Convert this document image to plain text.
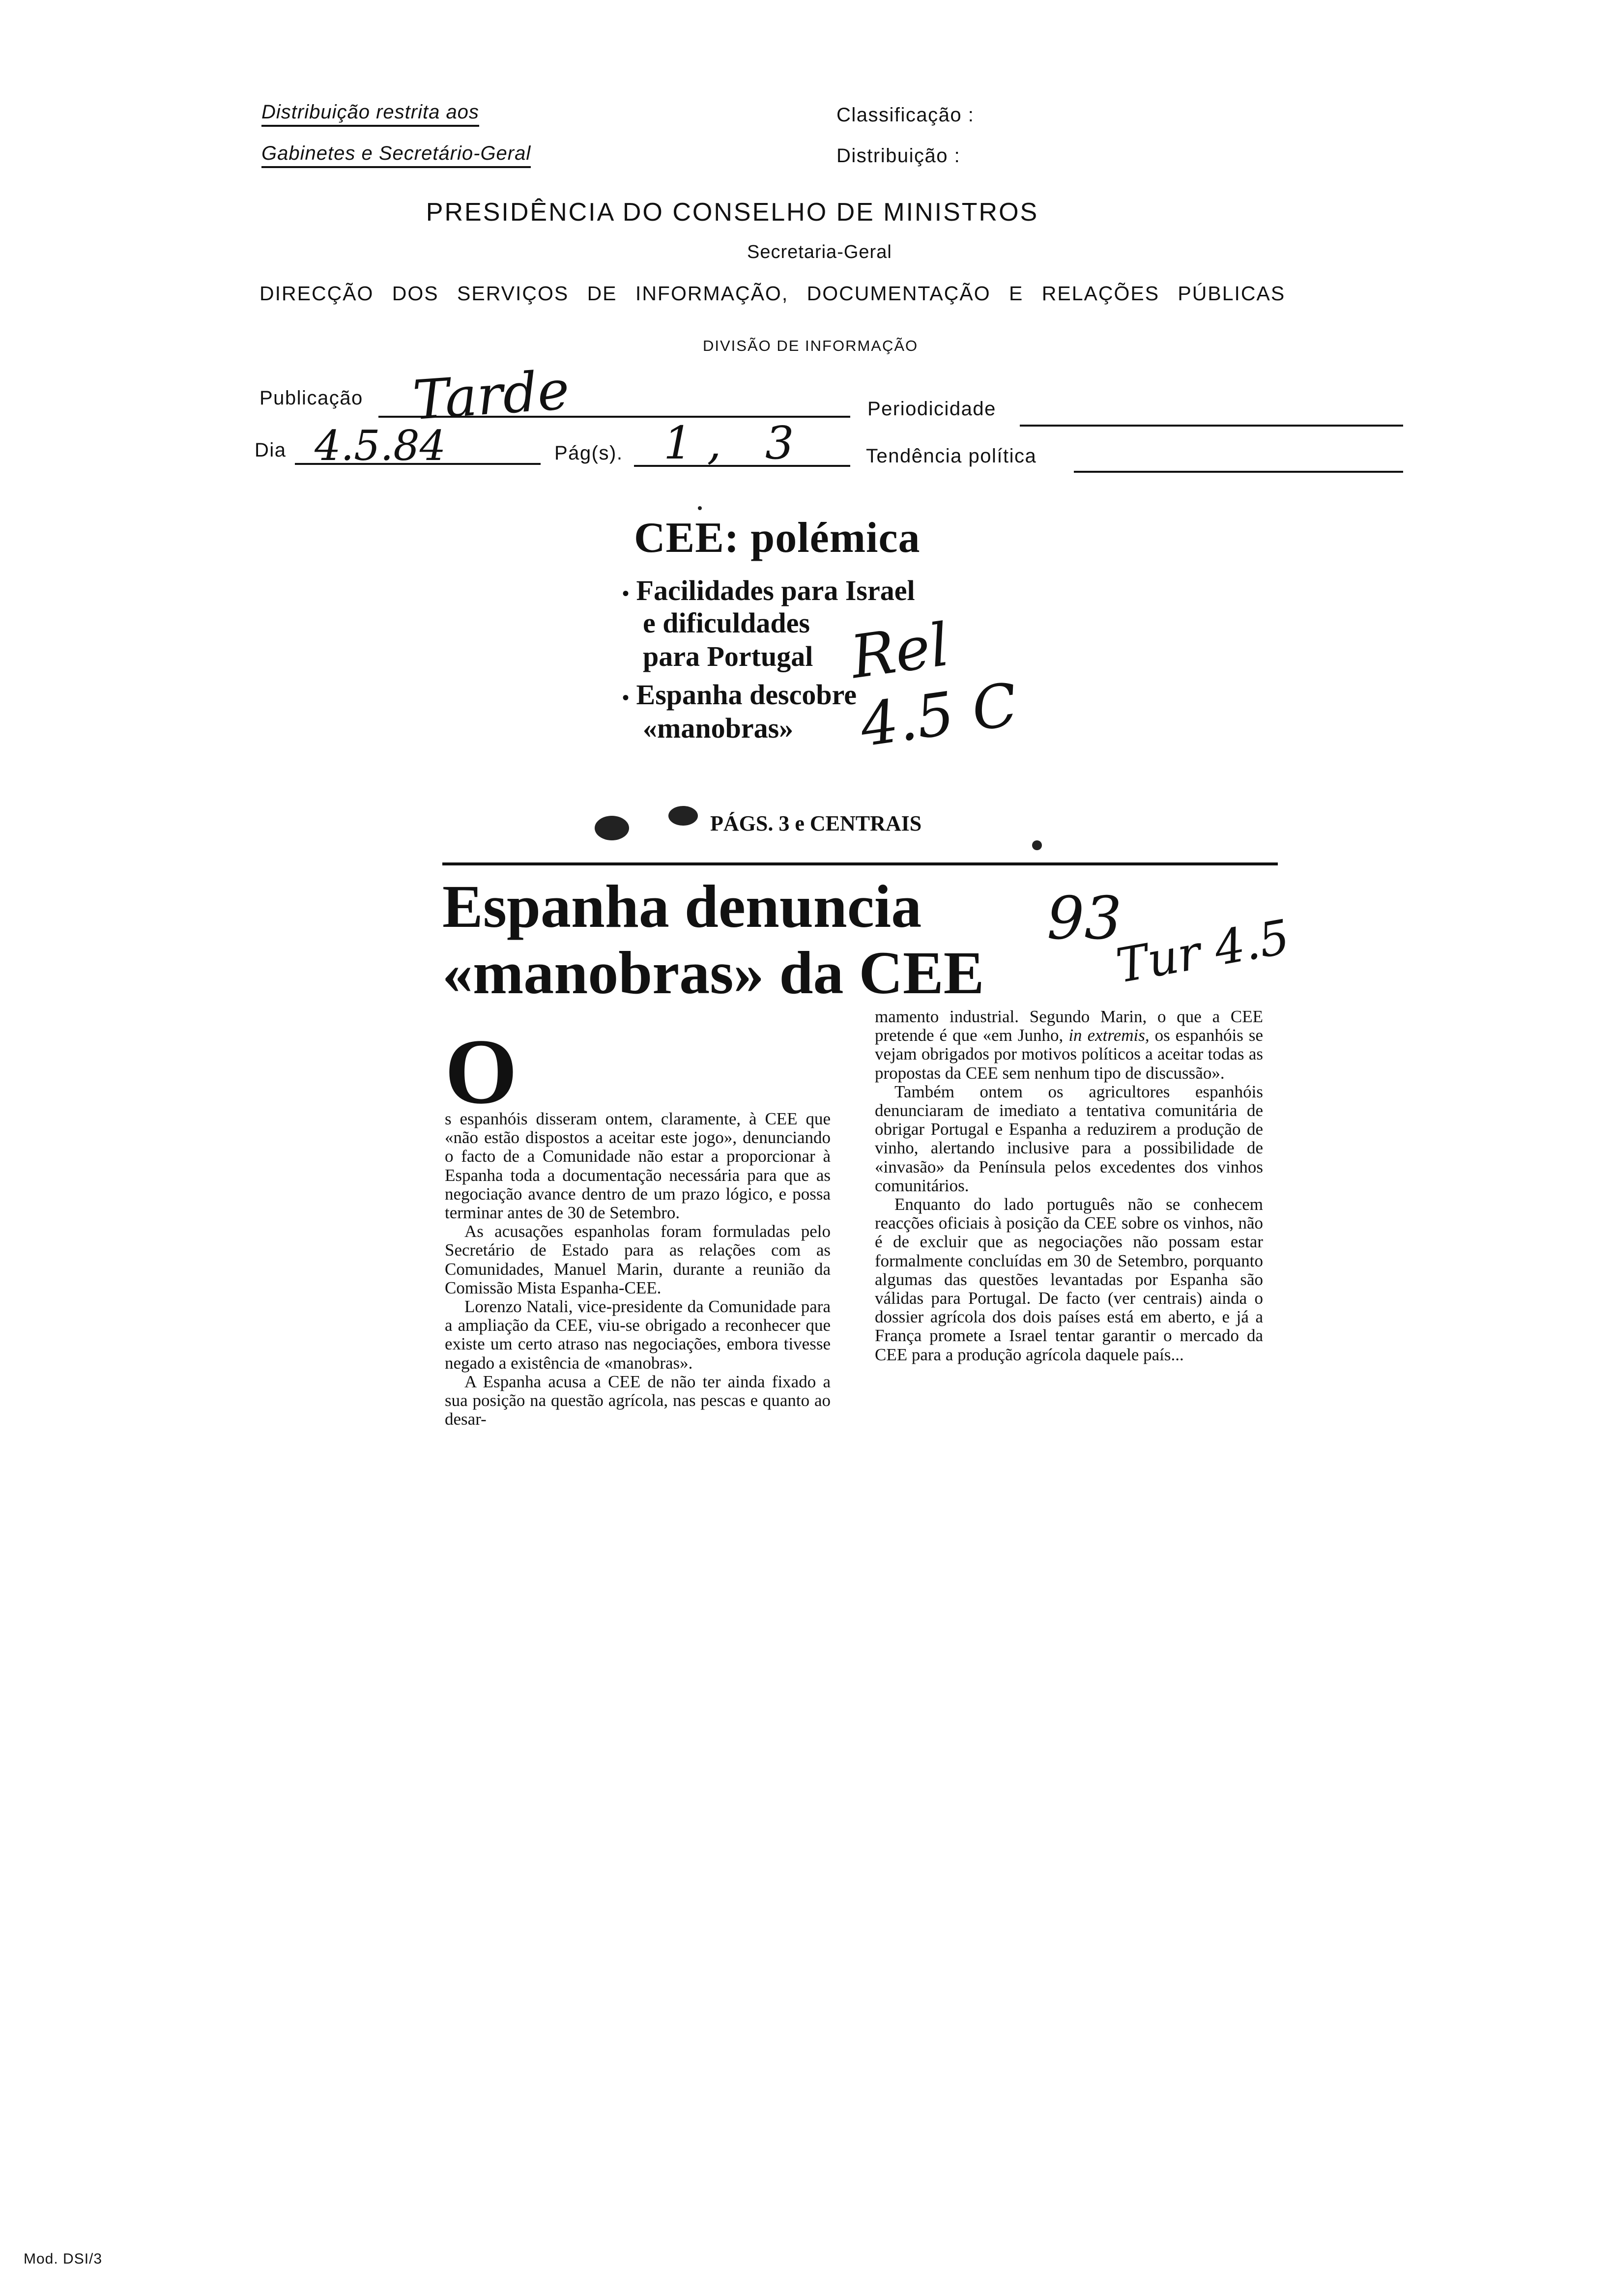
Distribuição restrita aos
Gabinetes e Secretário-Geral
Classificação :
Distribuição :
PRESIDÊNCIA DO CONSELHO DE MINISTROS
Secretaria-Geral
DIRECÇÃO DOS SERVIÇOS DE INFORMAÇÃO, DOCUMENTAÇÃO E RELAÇÕES PÚBLICAS
DIVISÃO DE INFORMAÇÃO
Publicação Tarde	Periodicidade
Dia 4.5.84	Pág(s). 1, 3	Tendência política
CEE: polémica
• Facilidades para Israel
e dificuldades
para Portugal
• Espanha descobre
«manobras»
PÁGS. 3 e CENTRAIS
Rel 4.5 C
Espanha denuncia
«manobras» da CEE
93
Tur 4.5
O

s espanhóis disseram ontem, claramente, à CEE que «não estão dispostos a aceitar este jogo», denunciando o facto de a Comunidade não estar a proporcionar à Espanha toda a documentação necessária para que as negociação avance dentro de um prazo lógico, e possa terminar antes de 30 de Setembro.

As acusações espanholas foram formuladas pelo Secretário de Estado para as relações com as Comunidades, Manuel Marin, durante a reunião da Comissão Mista Espanha-CEE.

Lorenzo Natali, vice-presidente da Comunidade para a ampliação da CEE, viu-se obrigado a reconhecer que existe um certo atraso nas negociações, embora tivesse negado a existência de «manobras».

A Espanha acusa a CEE de não ter ainda fixado a sua posição na questão agrícola, nas pescas e quanto ao desar-

mamento industrial. Segundo Marin, o que a CEE pretende é que «em Junho, in extremis, os espanhóis se vejam obrigados por motivos políticos a aceitar todas as propostas da CEE sem nenhum tipo de discussão».

Também ontem os agricultores espanhóis denunciaram de imediato a tentativa comunitária de obrigar Portugal e Espanha a reduzirem a produção de vinho, alertando inclusive para a possibilidade de «invasão» da Península pelos excedentes dos vinhos comunitários.

Enquanto do lado português não se conhecem reacções oficiais à posição da CEE sobre os vinhos, não é de excluir que as negociações não possam estar formalmente concluídas em 30 de Setembro, porquanto algumas das questões levantadas por Espanha são válidas para Portugal. De facto (ver centrais) ainda o dossier agrícola dos dois países está em aberto, e já a França promete a Israel tentar garantir o mercado da CEE para a produção agrícola daquele país...

Mod. DSI/3
